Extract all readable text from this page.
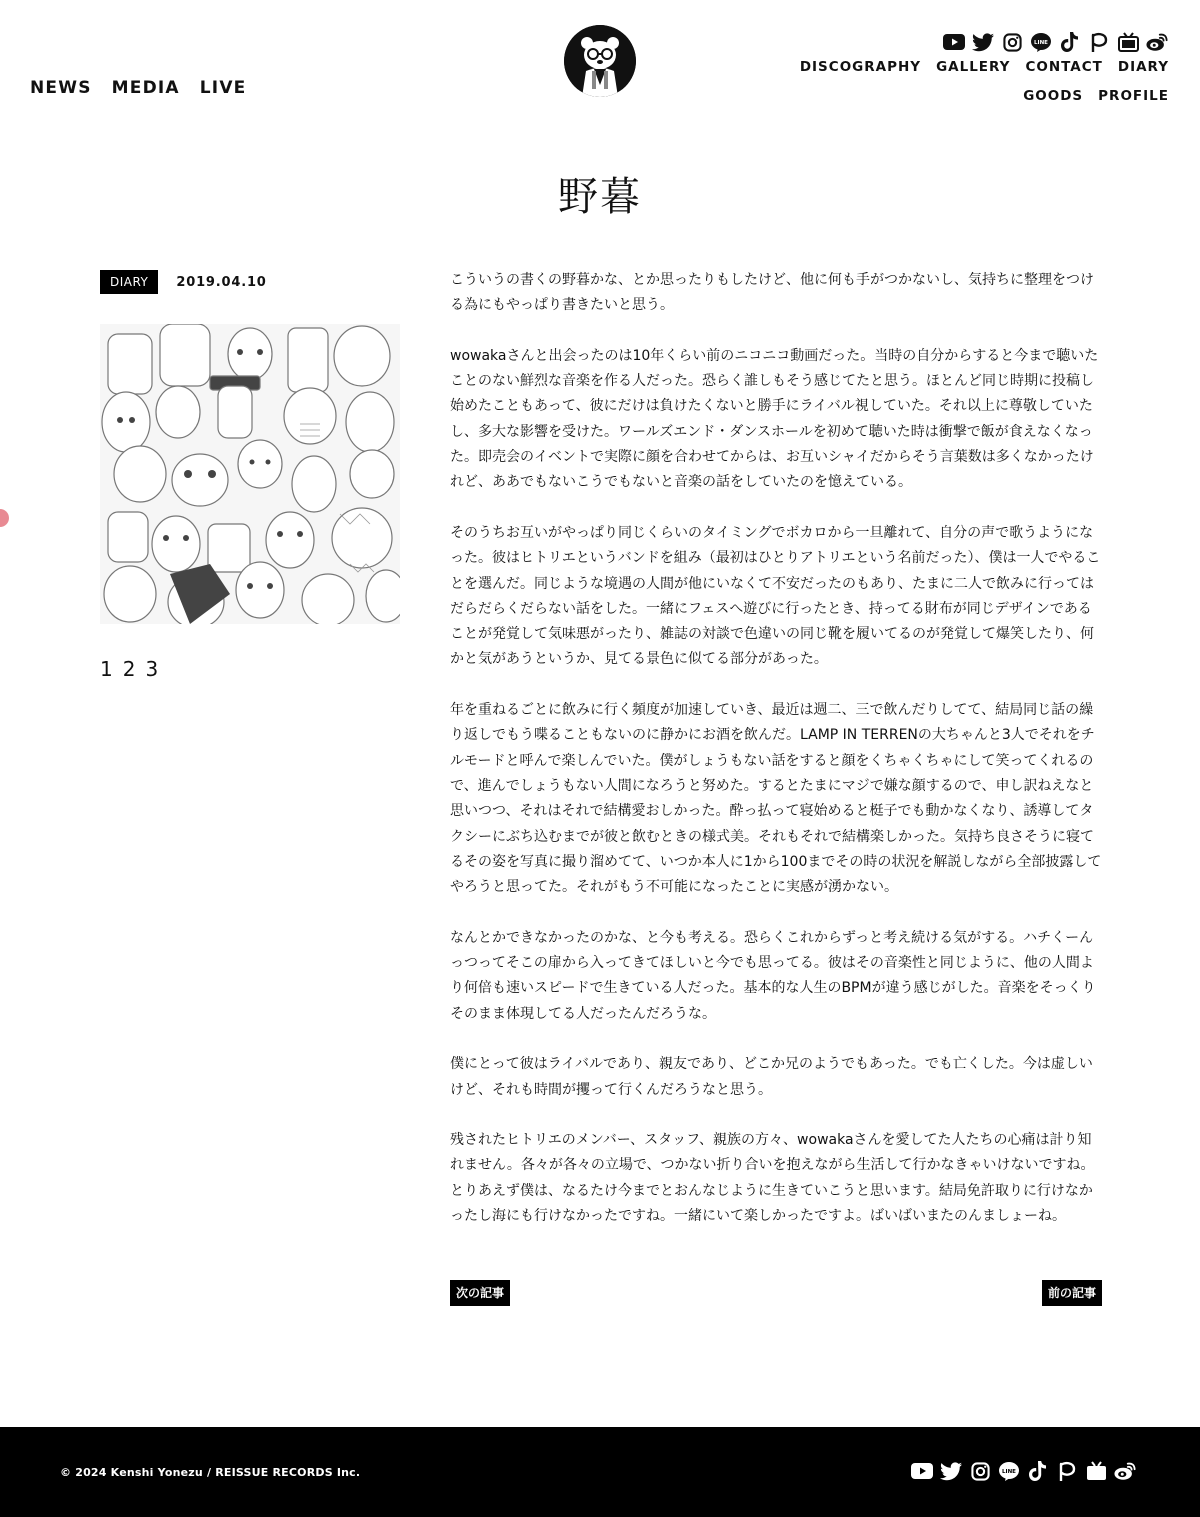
NEWS MEDIA LIVE
LINE
DISCOGRAPHY GALLERY CONTACT DIARY
GOODS PROFILE
野暮
DIARY	2019.04.10
1 2 3

こういうの書くの野暮かな、とか思ったりもしたけど、他に何も手がつかないし、気持ちに整理をつける為にもやっぱり書きたいと思う。

wowakaさんと出会ったのは10年くらい前のニコニコ動画だった。当時の自分からすると今まで聴いたことのない鮮烈な音楽を作る人だった。恐らく誰しもそう感じてたと思う。ほとんど同じ時期に投稿し始めたこともあって、彼にだけは負けたくないと勝手にライバル視していた。それ以上に尊敬していたし、多大な影響を受けた。ワールズエンド・ダンスホールを初めて聴いた時は衝撃で飯が食えなくなった。即売会のイベントで実際に顔を合わせてからは、お互いシャイだからそう言葉数は多くなかったけれど、ああでもないこうでもないと音楽の話をしていたのを憶えている。

そのうちお互いがやっぱり同じくらいのタイミングでボカロから一旦離れて、自分の声で歌うようになった。彼はヒトリエというバンドを組み（最初はひとりアトリエという名前だった）、僕は一人でやることを選んだ。同じような境遇の人間が他にいなくて不安だったのもあり、たまに二人で飲みに行ってはだらだらくだらない話をした。一緒にフェスへ遊びに行ったとき、持ってる財布が同じデザインであることが発覚して気味悪がったり、雑誌の対談で色違いの同じ靴を履いてるのが発覚して爆笑したり、何かと気があうというか、見てる景色に似てる部分があった。

年を重ねるごとに飲みに行く頻度が加速していき、最近は週二、三で飲んだりしてて、結局同じ話の繰り返しでもう喋ることもないのに静かにお酒を飲んだ。LAMP IN TERRENの大ちゃんと3人でそれをチルモードと呼んで楽しんでいた。僕がしょうもない話をすると顔をくちゃくちゃにして笑ってくれるので、進んでしょうもない人間になろうと努めた。するとたまにマジで嫌な顔するので、申し訳ねえなと思いつつ、それはそれで結構愛おしかった。酔っ払って寝始めると梃子でも動かなくなり、誘導してタクシーにぶち込むまでが彼と飲むときの様式美。それもそれで結構楽しかった。気持ち良さそうに寝てるその姿を写真に撮り溜めてて、いつか本人に1から100までその時の状況を解説しながら全部披露してやろうと思ってた。それがもう不可能になったことに実感が湧かない。

なんとかできなかったのかな、と今も考える。恐らくこれからずっと考え続ける気がする。ハチくーんっつってそこの扉から入ってきてほしいと今でも思ってる。彼はその音楽性と同じように、他の人間より何倍も速いスピードで生きている人だった。基本的な人生のBPMが違う感じがした。音楽をそっくりそのまま体現してる人だったんだろうな。

僕にとって彼はライバルであり、親友であり、どこか兄のようでもあった。でも亡くした。今は虚しいけど、それも時間が攫って行くんだろうなと思う。

残されたヒトリエのメンバー、スタッフ、親族の方々、wowakaさんを愛してた人たちの心痛は計り知れません。各々が各々の立場で、つかない折り合いを抱えながら生活して行かなきゃいけないですね。とりあえず僕は、なるたけ今までとおんなじように生きていこうと思います。結局免許取りに行けなかったし海にも行けなかったですね。一緒にいて楽しかったですよ。ばいばいまたのんましょーね。

次の記事	前の記事
© 2024 Kenshi Yonezu / REISSUE RECORDS Inc.	LINE
